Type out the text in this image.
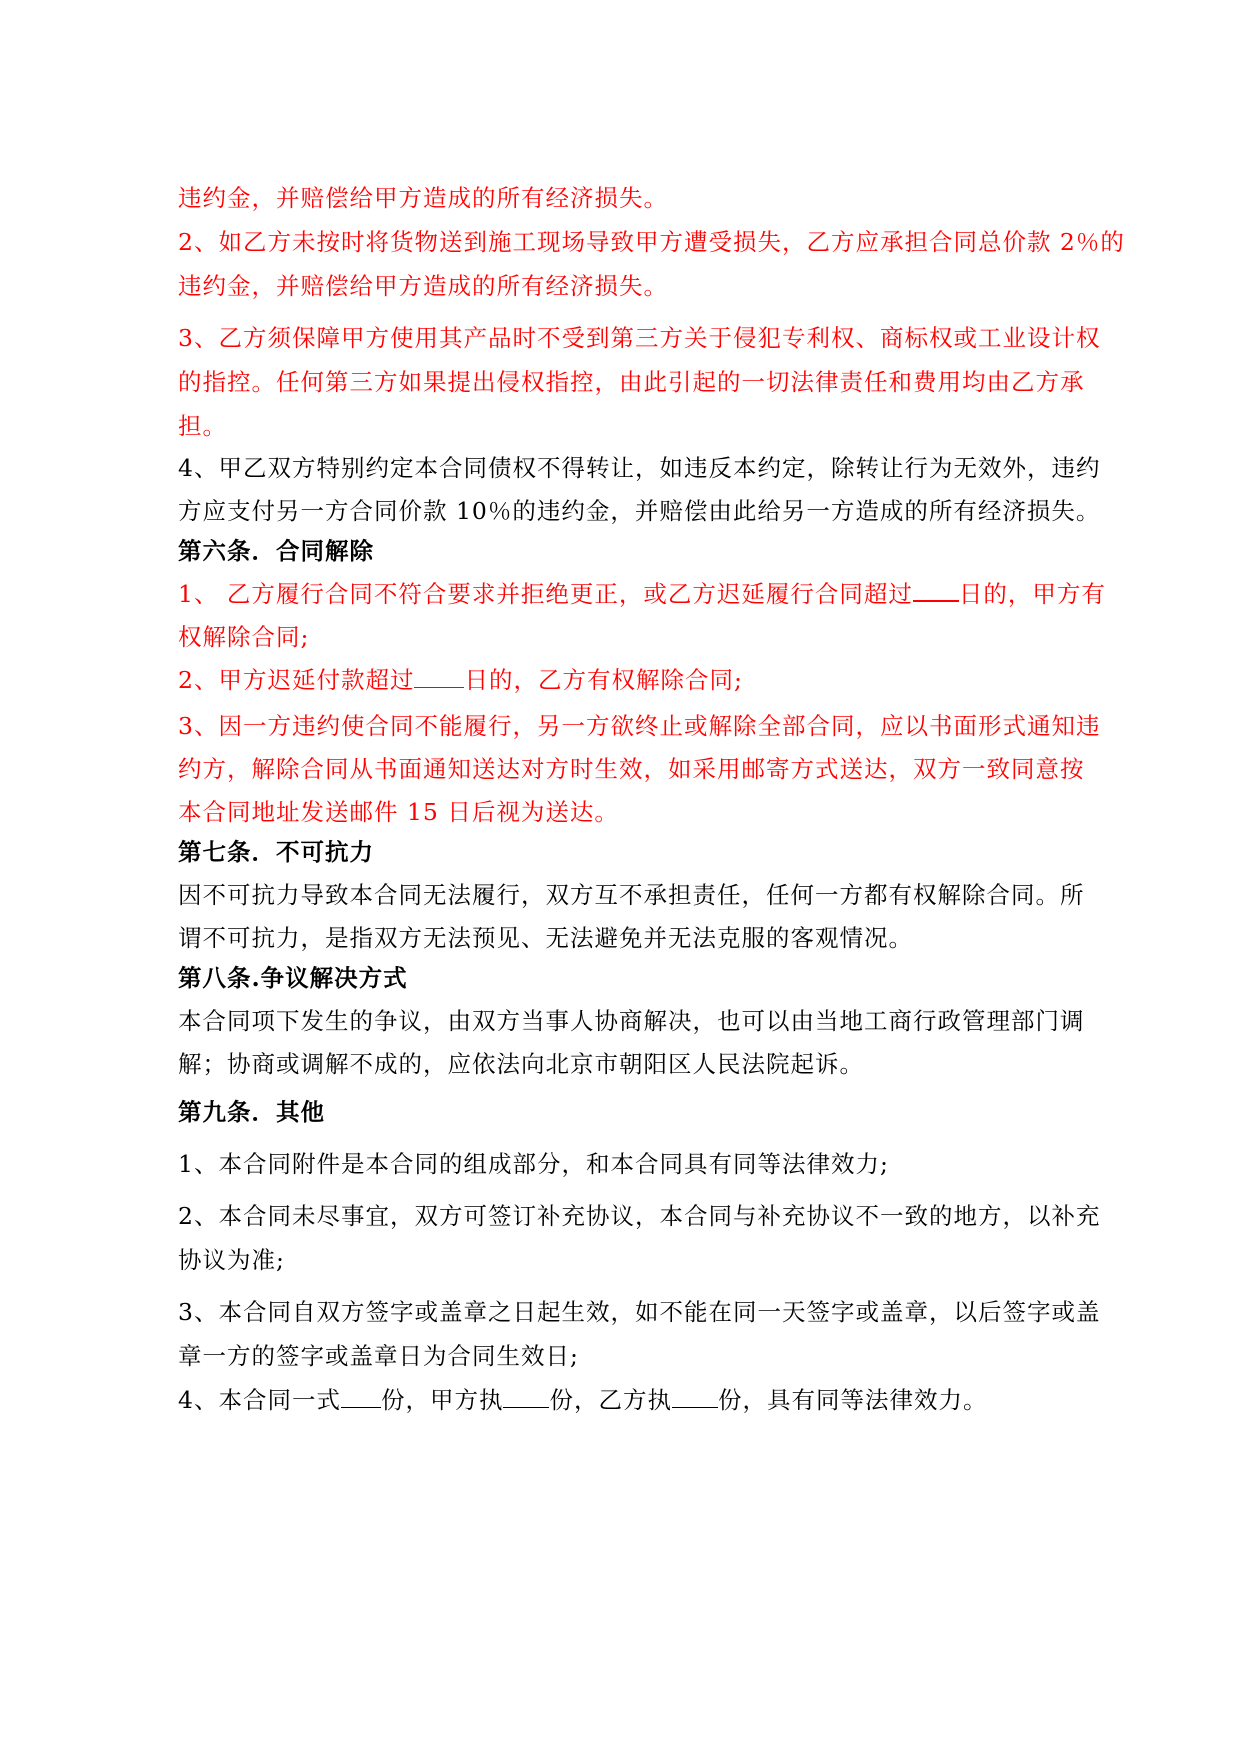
违约金，并赔偿给甲方造成的所有经济损失。
2、如乙方未按时将货物送到施工现场导致甲方遭受损失，乙方应承担合同总价款 2％的
违约金，并赔偿给甲方造成的所有经济损失。
3、乙方须保障甲方使用其产品时不受到第三方关于侵犯专利权、商标权或工业设计权
的指控。任何第三方如果提出侵权指控，由此引起的一切法律责任和费用均由乙方承
担。
4、甲乙双方特别约定本合同债权不得转让，如违反本约定，除转让行为无效外，违约
方应支付另一方合同价款 10％的违约金，并赔偿由此给另一方造成的所有经济损失。
第六条．合同解除
1、 乙方履行合同不符合要求并拒绝更正，或乙方迟延履行合同超过 日的，甲方有
权解除合同;
2、甲方迟延付款超过 日的，乙方有权解除合同;
3、因一方违约使合同不能履行，另一方欲终止或解除全部合同，应以书面形式通知违
约方，解除合同从书面通知送达对方时生效，如采用邮寄方式送达，双方一致同意按
本合同地址发送邮件 15 日后视为送达。
第七条．不可抗力
因不可抗力导致本合同无法履行，双方互不承担责任，任何一方都有权解除合同。所
谓不可抗力，是指双方无法预见、无法避免并无法克服的客观情况。
第八条.争议解决方式
本合同项下发生的争议，由双方当事人协商解决，也可以由当地工商行政管理部门调
解；协商或调解不成的，应依法向北京市朝阳区人民法院起诉。
第九条．其他
1、本合同附件是本合同的组成部分，和本合同具有同等法律效力;
2、本合同未尽事宜，双方可签订补充协议，本合同与补充协议不一致的地方，以补充
协议为准;
3、本合同自双方签字或盖章之日起生效，如不能在同一天签字或盖章，以后签字或盖
章一方的签字或盖章日为合同生效日;
4、本合同一式 份，甲方执 份，乙方执 份，具有同等法律效力。
